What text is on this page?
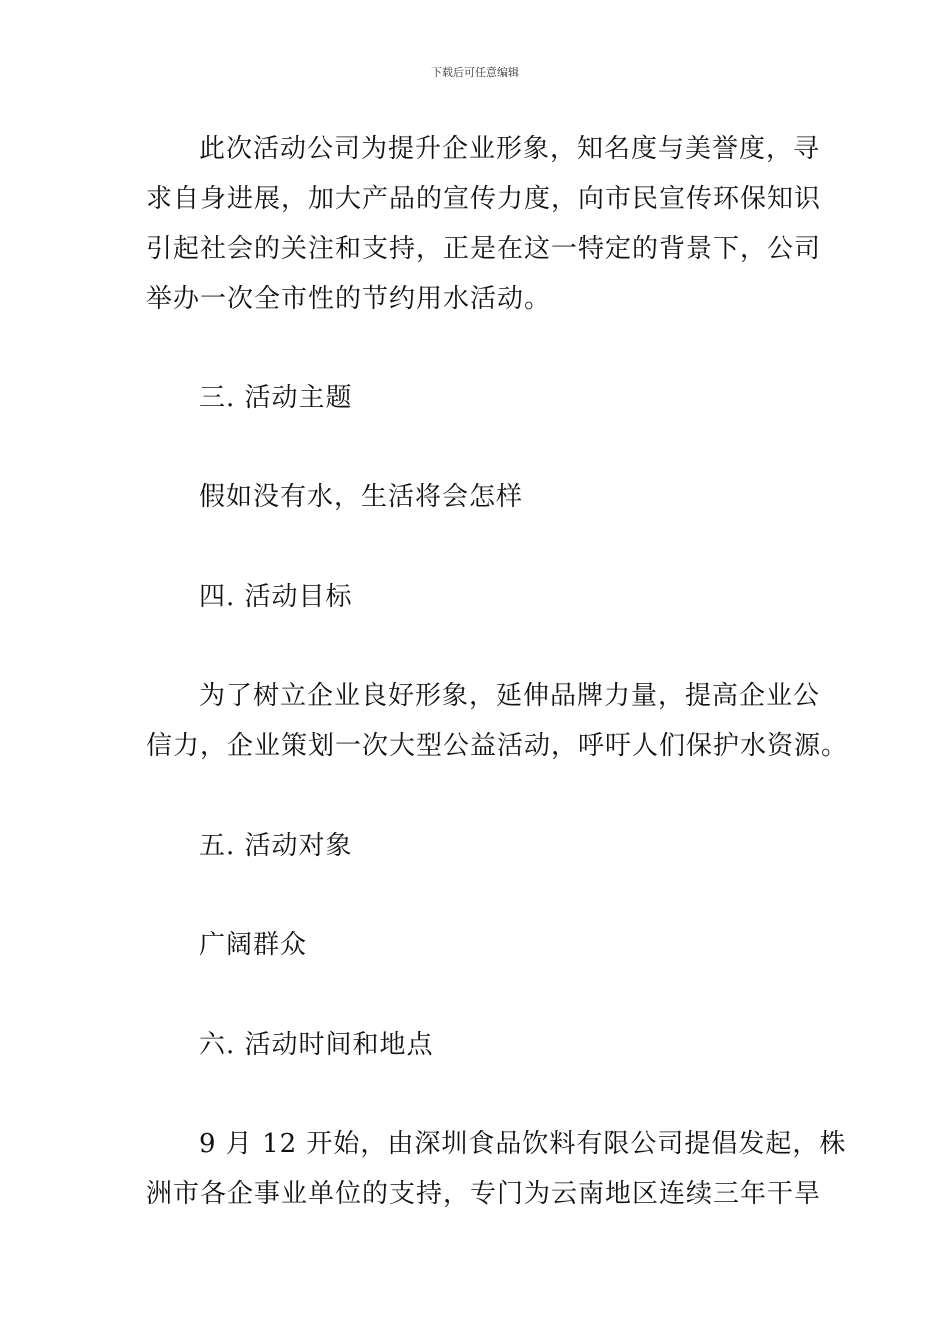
下载后可任意编辑
此次活动公司为提升企业形象，知名度与美誉度，寻
求自身进展，加大产品的宣传力度，向市民宣传环保知识
引起社会的关注和支持，正是在这一特定的背景下，公司
举办一次全市性的节约用水活动。
三. 活动主题
假如没有水，生活将会怎样
四. 活动目标
为了树立企业良好形象，延伸品牌力量，提高企业公
信力，企业策划一次大型公益活动，呼吁人们保护水资源。
五. 活动对象
广阔群众
六. 活动时间和地点
9 月 12 开始，由深圳食品饮料有限公司提倡发起，株
洲市各企事业单位的支持，专门为云南地区连续三年干旱
